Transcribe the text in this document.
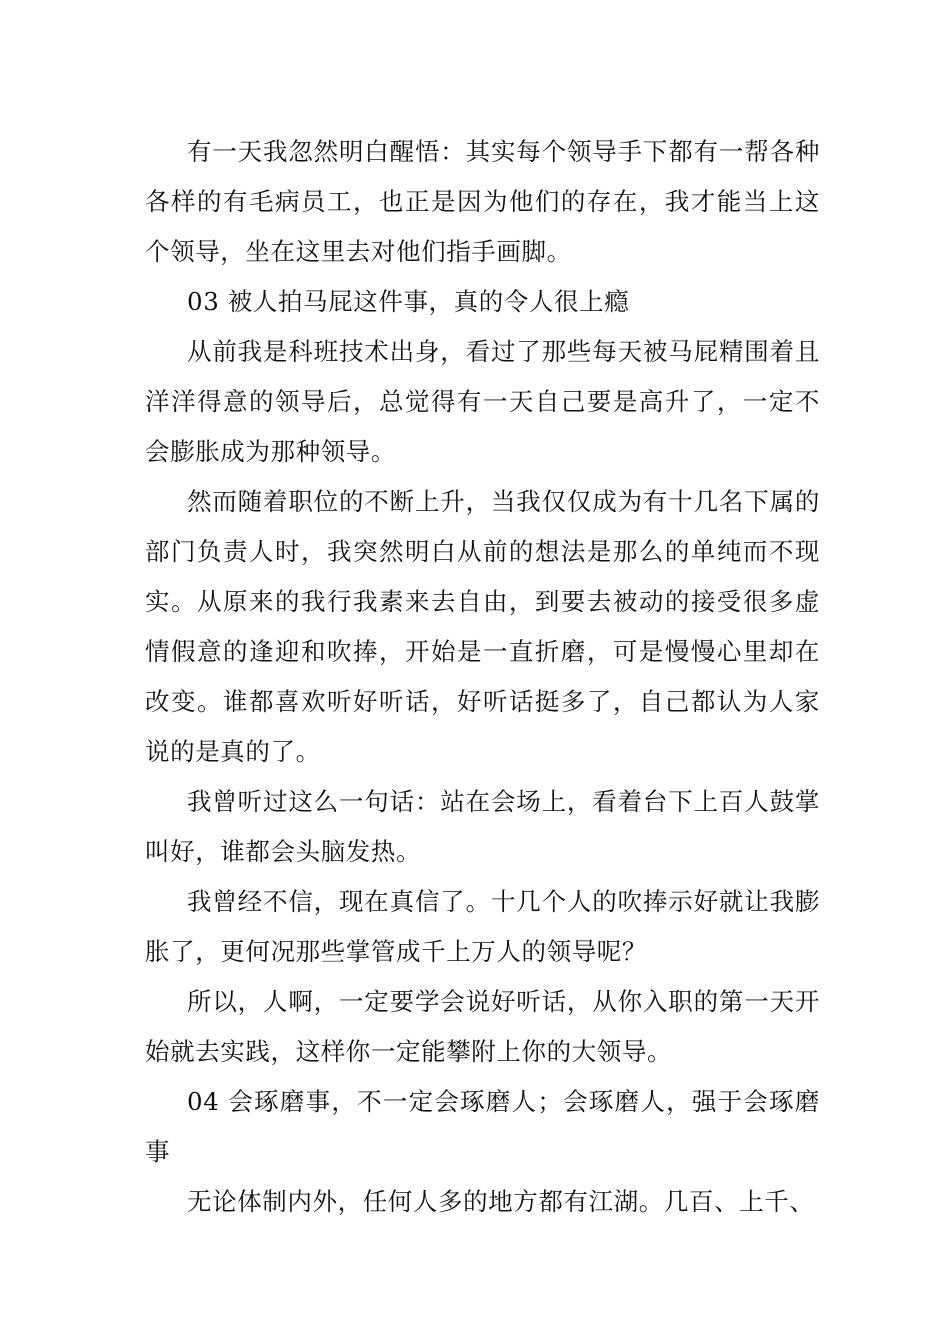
有一天我忽然明白醒悟：其实每个领导手下都有一帮各种各样的有毛病员工，也正是因为他们的存在，我才能当上这个领导，坐在这里去对他们指手画脚。

03 被人拍马屁这件事，真的令人很上瘾

从前我是科班技术出身，看过了那些每天被马屁精围着且洋洋得意的领导后，总觉得有一天自己要是高升了，一定不会膨胀成为那种领导。

然而随着职位的不断上升，当我仅仅成为有十几名下属的部门负责人时，我突然明白从前的想法是那么的单纯而不现实。从原来的我行我素来去自由，到要去被动的接受很多虚情假意的逢迎和吹捧，开始是一直折磨，可是慢慢心里却在改变。谁都喜欢听好听话，好听话挺多了，自己都认为人家说的是真的了。

我曾听过这么一句话：站在会场上，看着台下上百人鼓掌叫好，谁都会头脑发热。

我曾经不信，现在真信了。十几个人的吹捧示好就让我膨胀了，更何况那些掌管成千上万人的领导呢？

所以，人啊，一定要学会说好听话，从你入职的第一天开始就去实践，这样你一定能攀附上你的大领导。

04 会琢磨事，不一定会琢磨人；会琢磨人，强于会琢磨事

无论体制内外，任何人多的地方都有江湖。几百、上千、
